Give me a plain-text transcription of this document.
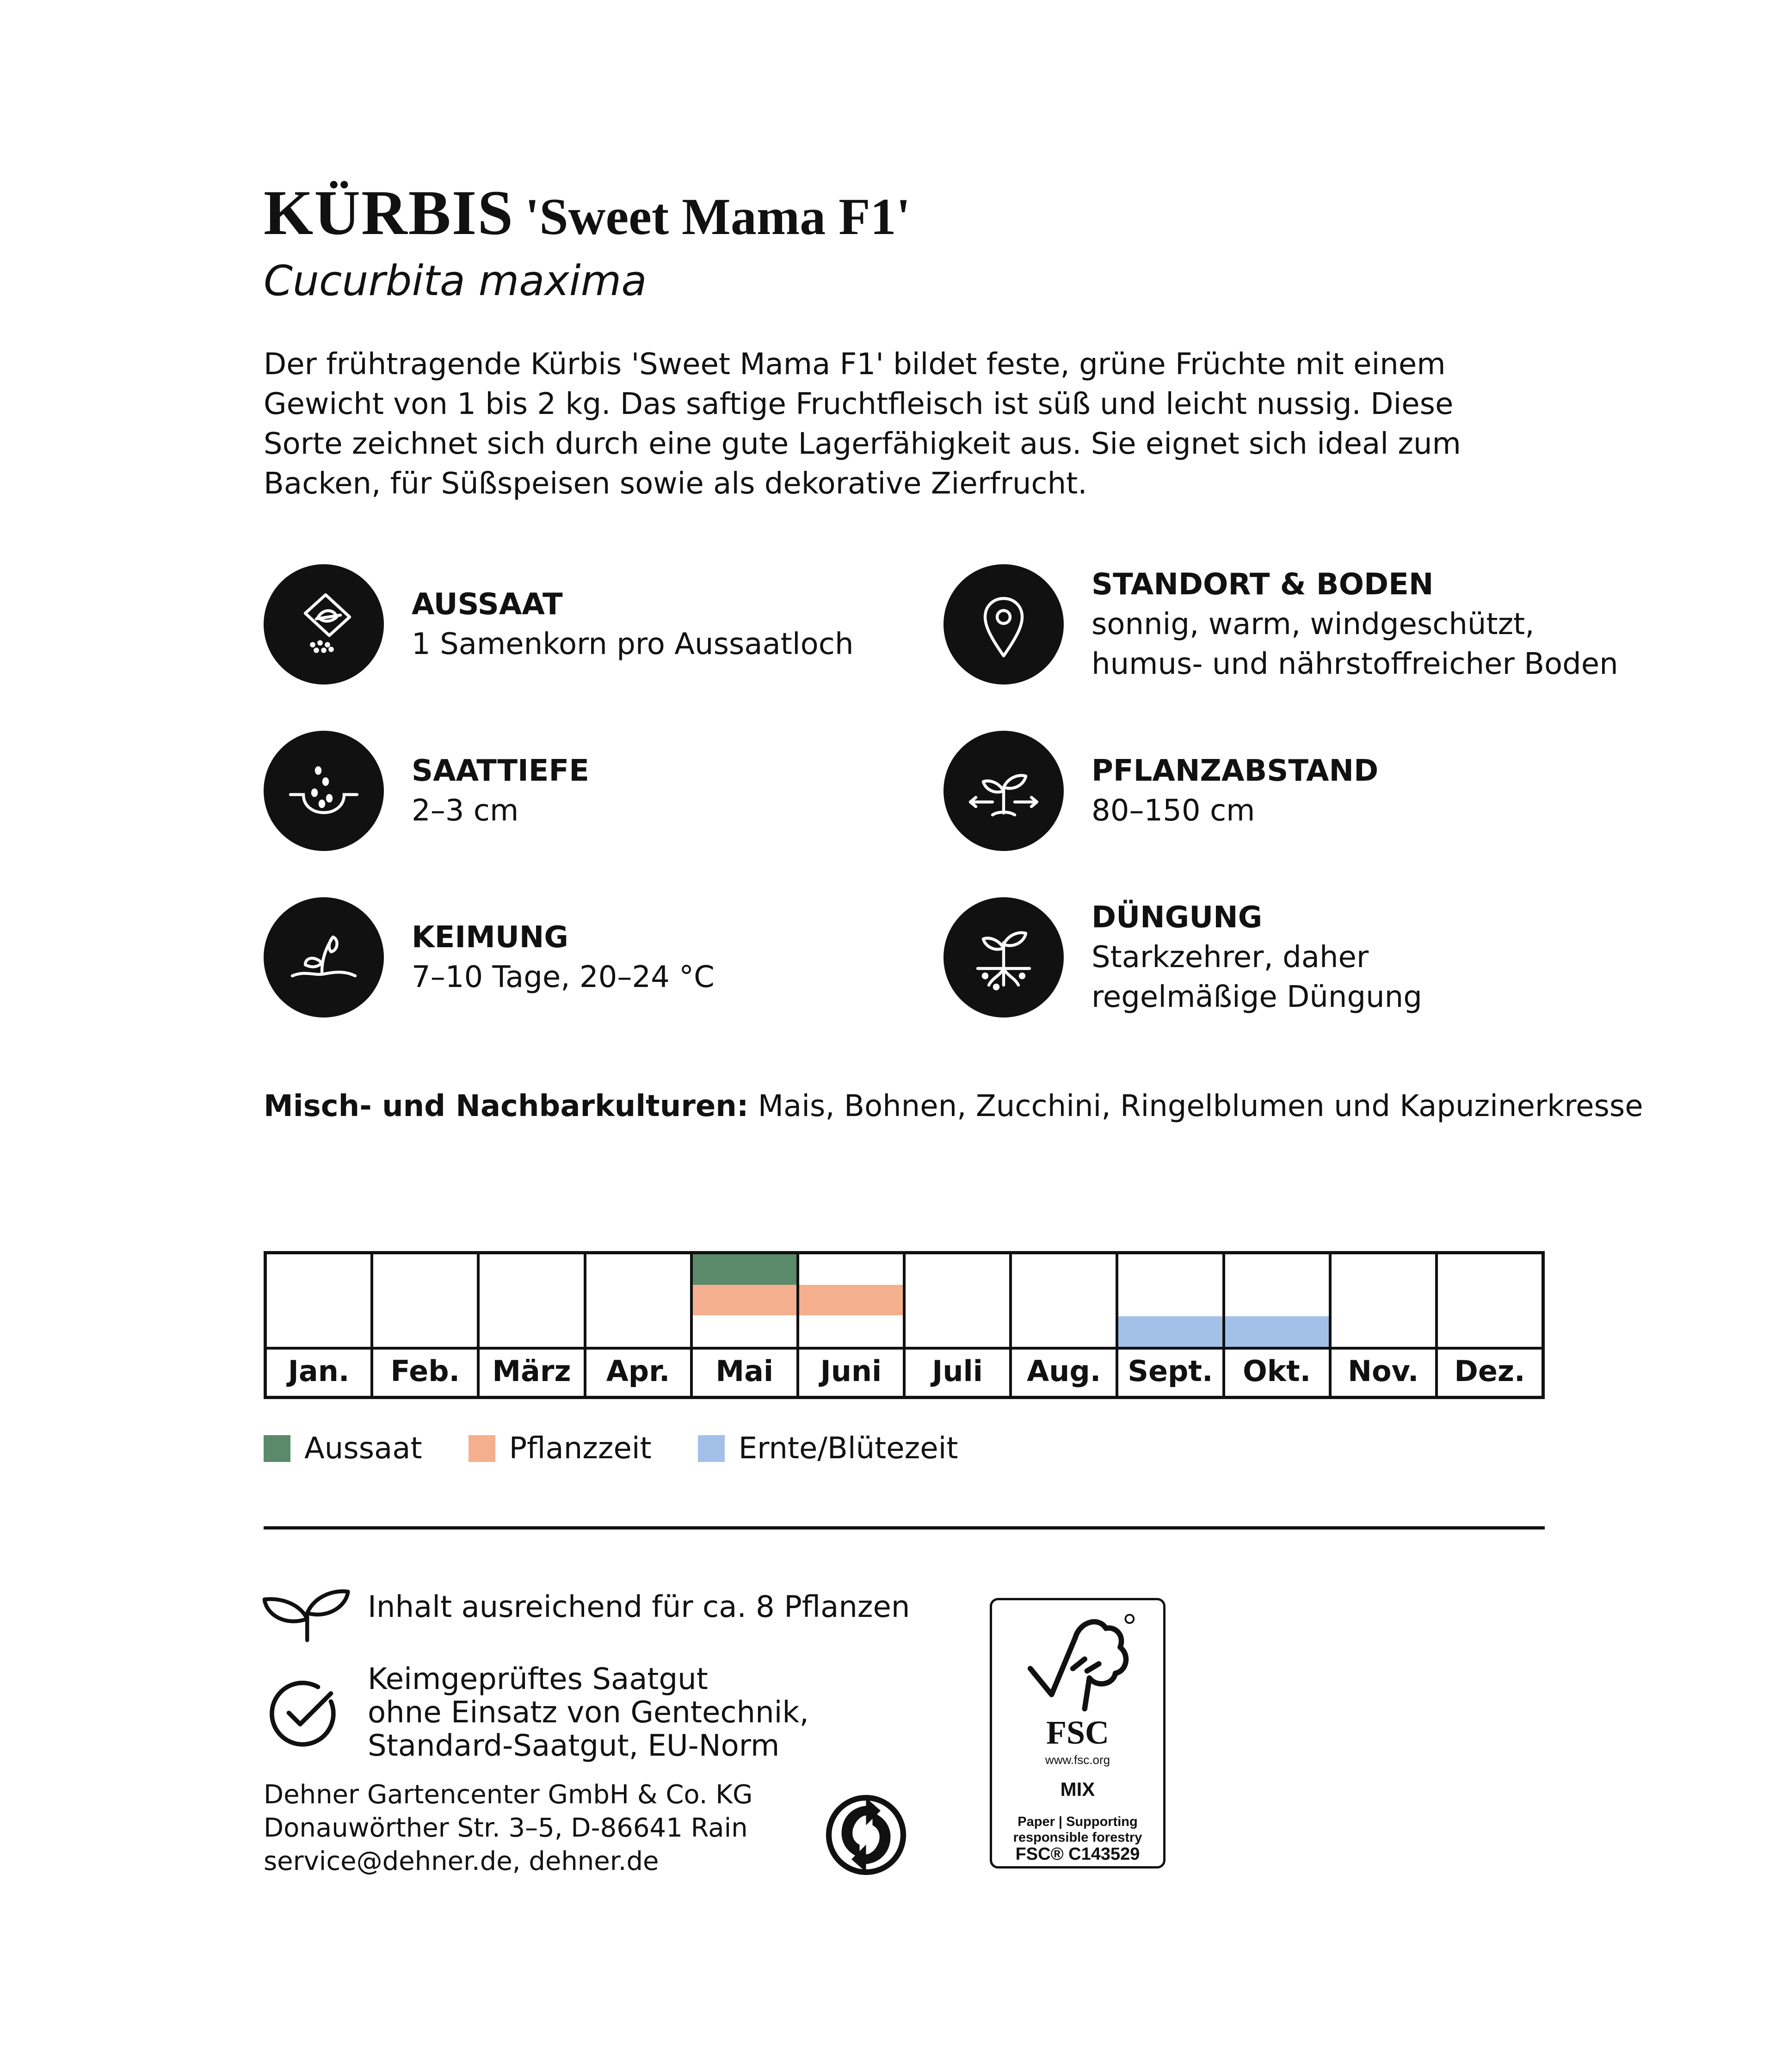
KÜRBIS 'Sweet Mama F1'
Cucurbita maxima
Der frühtragende Kürbis 'Sweet Mama F1' bildet feste, grüne Früchte mit einem Gewicht von 1 bis 2 kg. Das saftige Fruchtfleisch ist süß und leicht nussig. Diese Sorte zeichnet sich durch eine gute Lagerfähigkeit aus. Sie eignet sich ideal zum Backen, für Süßspeisen sowie als dekorative Zierfrucht.
AUSSAAT
1 Samenkorn pro Aussaatloch
SAATTIEFE
2–3 cm
KEIMUNG
7–10 Tage, 20–24 °C
STANDORT & BODEN
sonnig, warm, windgeschützt,
humus- und nährstoffreicher Boden
PFLANZABSTAND
80–150 cm
DÜNGUNG
Starkzehrer, daher
regelmäßige Düngung
Misch- und Nachbarkulturen: Mais, Bohnen, Zucchini, Ringelblumen und Kapuzinerkresse
Jan.	Feb.	März	Apr.	Mai	Juni	Juli	Aug. Sept.	Okt.	Nov.	Dez.
Aussaat	Pflanzzeit	Ernte/Blütezeit
Inhalt ausreichend für ca. 8 Pflanzen
Keimgeprüftes Saatgut
ohne Einsatz von Gentechnik,
Standard-Saatgut, EU-Norm
Dehner Gartencenter GmbH & Co. KG
Donauwörther Str. 3–5, D-86641 Rain
service@dehner.de, dehner.de
FSC
www.fsc.org
MIX
Paper | Supporting
responsible forestry
FSC® C143529
